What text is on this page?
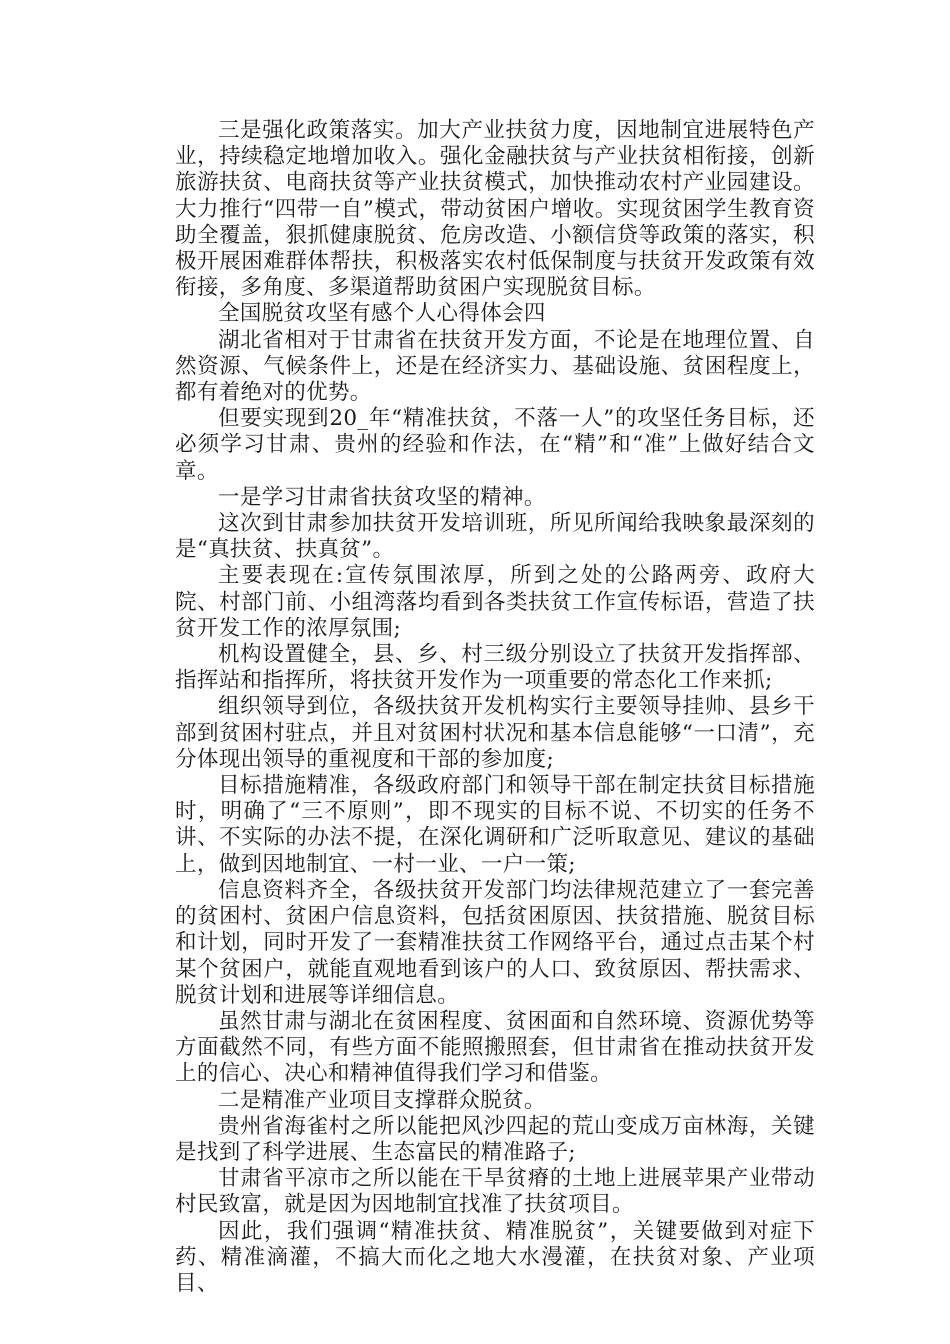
三是强化政策落实。加大产业扶贫力度，因地制宜进展特色产业，持续稳定地增加收入。强化金融扶贫与产业扶贫相衔接，创新旅游扶贫、电商扶贫等产业扶贫模式，加快推动农村产业园建设。大力推行“四带一自”模式，带动贫困户增收。实现贫困学生教育资助全覆盖，狠抓健康脱贫、危房改造、小额信贷等政策的落实，积极开展困难群体帮扶，积极落实农村低保制度与扶贫开发政策有效衔接，多角度、多渠道帮助贫困户实现脱贫目标。

全国脱贫攻坚有感个人心得体会四

湖北省相对于甘肃省在扶贫开发方面，不论是在地理位置、自然资源、气候条件上，还是在经济实力、基础设施、贫困程度上，都有着绝对的优势。

但要实现到20_年“精准扶贫，不落一人”的攻坚任务目标，还必须学习甘肃、贵州的经验和作法，在“精”和“准”上做好结合文章。

一是学习甘肃省扶贫攻坚的精神。

这次到甘肃参加扶贫开发培训班，所见所闻给我映象最深刻的是“真扶贫、扶真贫”。

主要表现在:宣传氛围浓厚，所到之处的公路两旁、政府大院、村部门前、小组湾落均看到各类扶贫工作宣传标语，营造了扶贫开发工作的浓厚氛围;

机构设置健全，县、乡、村三级分别设立了扶贫开发指挥部、指挥站和指挥所，将扶贫开发作为一项重要的常态化工作来抓;

组织领导到位，各级扶贫开发机构实行主要领导挂帅、县乡干部到贫困村驻点，并且对贫困村状况和基本信息能够“一口清”，充分体现出领导的重视度和干部的参加度;

目标措施精准，各级政府部门和领导干部在制定扶贫目标措施时，明确了“三不原则”，即不现实的目标不说、不切实的任务不讲、不实际的办法不提，在深化调研和广泛听取意见、建议的基础上，做到因地制宜、一村一业、一户一策;

信息资料齐全，各级扶贫开发部门均法律规范建立了一套完善的贫困村、贫困户信息资料，包括贫困原因、扶贫措施、脱贫目标和计划，同时开发了一套精准扶贫工作网络平台，通过点击某个村某个贫困户，就能直观地看到该户的人口、致贫原因、帮扶需求、脱贫计划和进展等详细信息。

虽然甘肃与湖北在贫困程度、贫困面和自然环境、资源优势等方面截然不同，有些方面不能照搬照套，但甘肃省在推动扶贫开发上的信心、决心和精神值得我们学习和借鉴。

二是精准产业项目支撑群众脱贫。

贵州省海雀村之所以能把风沙四起的荒山变成万亩林海，关键是找到了科学进展、生态富民的精准路子;

甘肃省平凉市之所以能在干旱贫瘠的土地上进展苹果产业带动村民致富，就是因为因地制宜找准了扶贫项目。

因此，我们强调“精准扶贫、精准脱贫”，关键要做到对症下药、精准滴灌，不搞大而化之地大水漫灌，在扶贫对象、产业项目、
